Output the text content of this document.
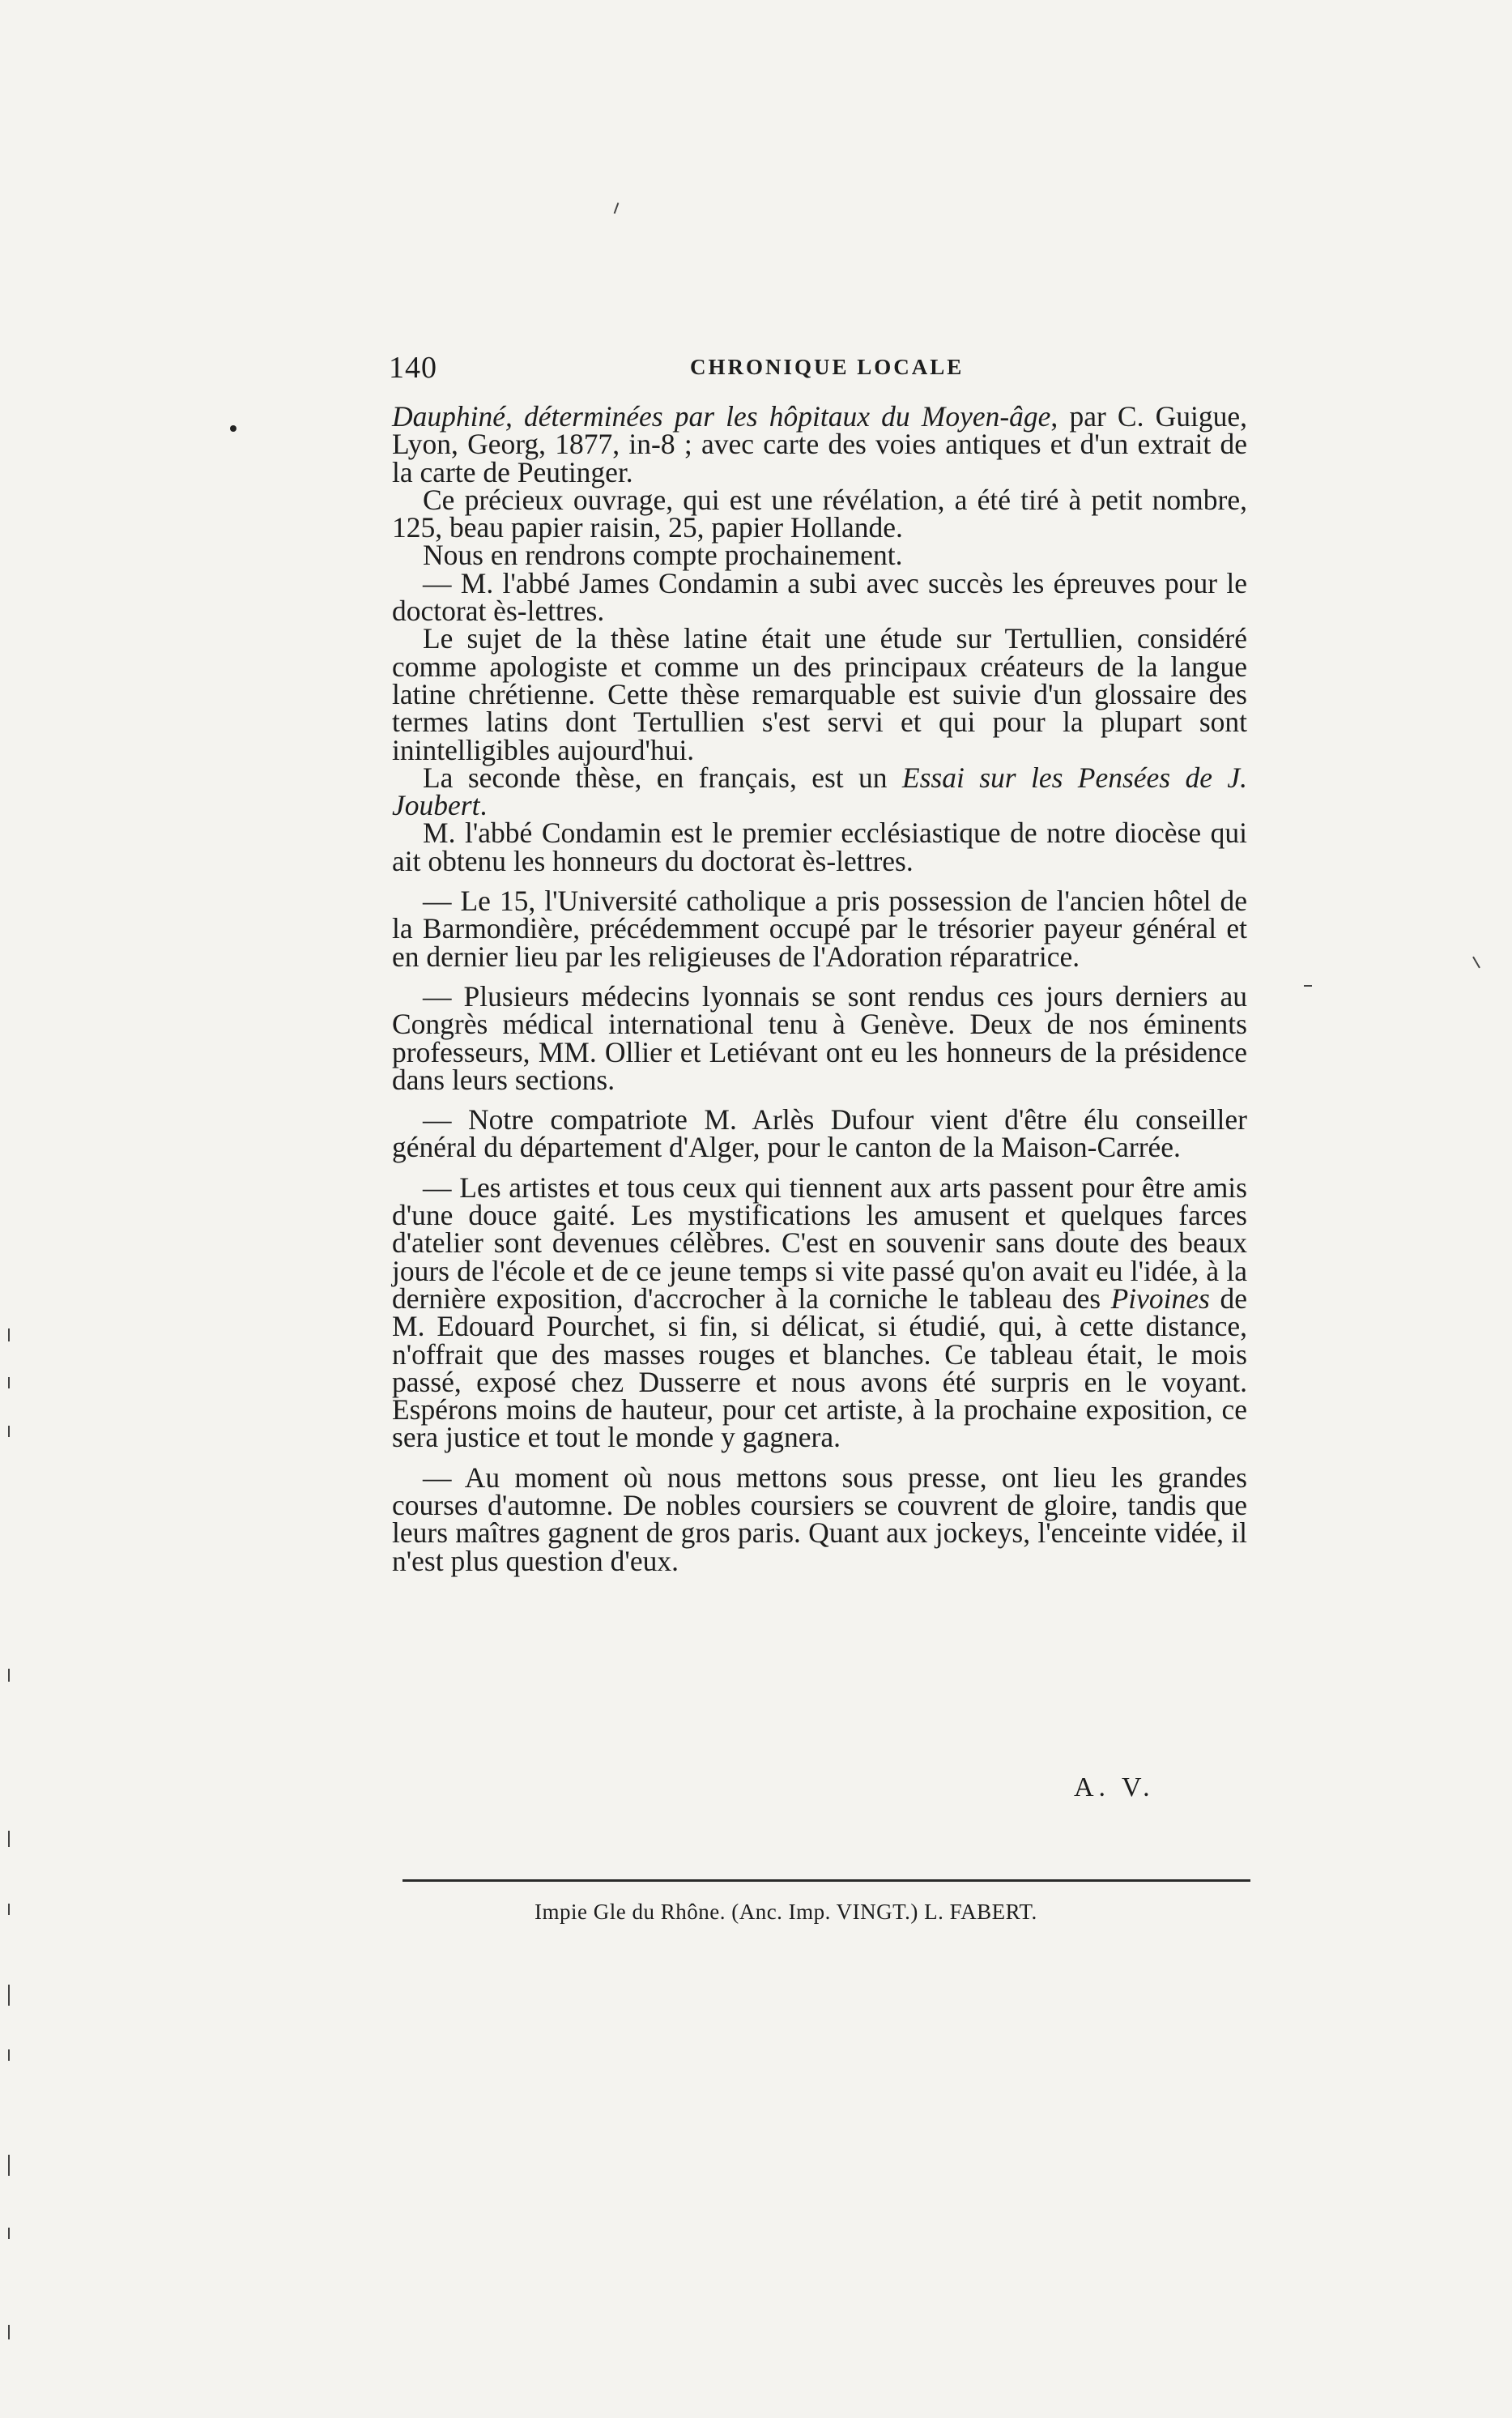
140	CHRONIQUE LOCALE

Dauphiné, déterminées par les hôpitaux du Moyen-âge, par C. Guigue, Lyon, Georg, 1877, in-8 ; avec carte des voies antiques et d'un extrait de la carte de Peutinger.

Ce précieux ouvrage, qui est une révélation, a été tiré à petit nombre, 125, beau papier raisin, 25, papier Hollande.

Nous en rendrons compte prochainement.

— M. l'abbé James Condamin a subi avec succès les épreuves pour le doctorat ès-lettres.

Le sujet de la thèse latine était une étude sur Tertullien, considéré comme apologiste et comme un des principaux créateurs de la langue latine chrétienne. Cette thèse remarquable est suivie d'un glossaire des termes latins dont Tertullien s'est servi et qui pour la plupart sont inintelligibles aujourd'hui.

La seconde thèse, en français, est un Essai sur les Pensées de J. Joubert.

M. l'abbé Condamin est le premier ecclésiastique de notre diocèse qui ait obtenu les honneurs du doctorat ès-lettres.

— Le 15, l'Université catholique a pris possession de l'ancien hôtel de la Barmondière, précédemment occupé par le trésorier payeur général et en dernier lieu par les religieuses de l'Adoration réparatrice.

— Plusieurs médecins lyonnais se sont rendus ces jours derniers au Congrès médical international tenu à Genève. Deux de nos éminents professeurs, MM. Ollier et Letiévant ont eu les honneurs de la présidence dans leurs sections.

— Notre compatriote M. Arlès Dufour vient d'être élu conseiller général du département d'Alger, pour le canton de la Maison-Carrée.

— Les artistes et tous ceux qui tiennent aux arts passent pour être amis d'une douce gaité. Les mystifications les amusent et quelques farces d'atelier sont devenues célèbres. C'est en souvenir sans doute des beaux jours de l'école et de ce jeune temps si vite passé qu'on avait eu l'idée, à la dernière exposition, d'accrocher à la corniche le tableau des Pivoines de M. Edouard Pourchet, si fin, si délicat, si étudié, qui, à cette distance, n'offrait que des masses rouges et blanches. Ce tableau était, le mois passé, exposé chez Dusserre et nous avons été surpris en le voyant. Espérons moins de hauteur, pour cet artiste, à la prochaine exposition, ce sera justice et tout le monde y gagnera.

— Au moment où nous mettons sous presse, ont lieu les grandes courses d'automne. De nobles coursiers se couvrent de gloire, tandis que leurs maîtres gagnent de gros paris. Quant aux jockeys, l'enceinte vidée, il n'est plus question d'eux.

A. V.
Impie Gle du Rhône. (Anc. Imp. VINGT.) L. FABERT.
